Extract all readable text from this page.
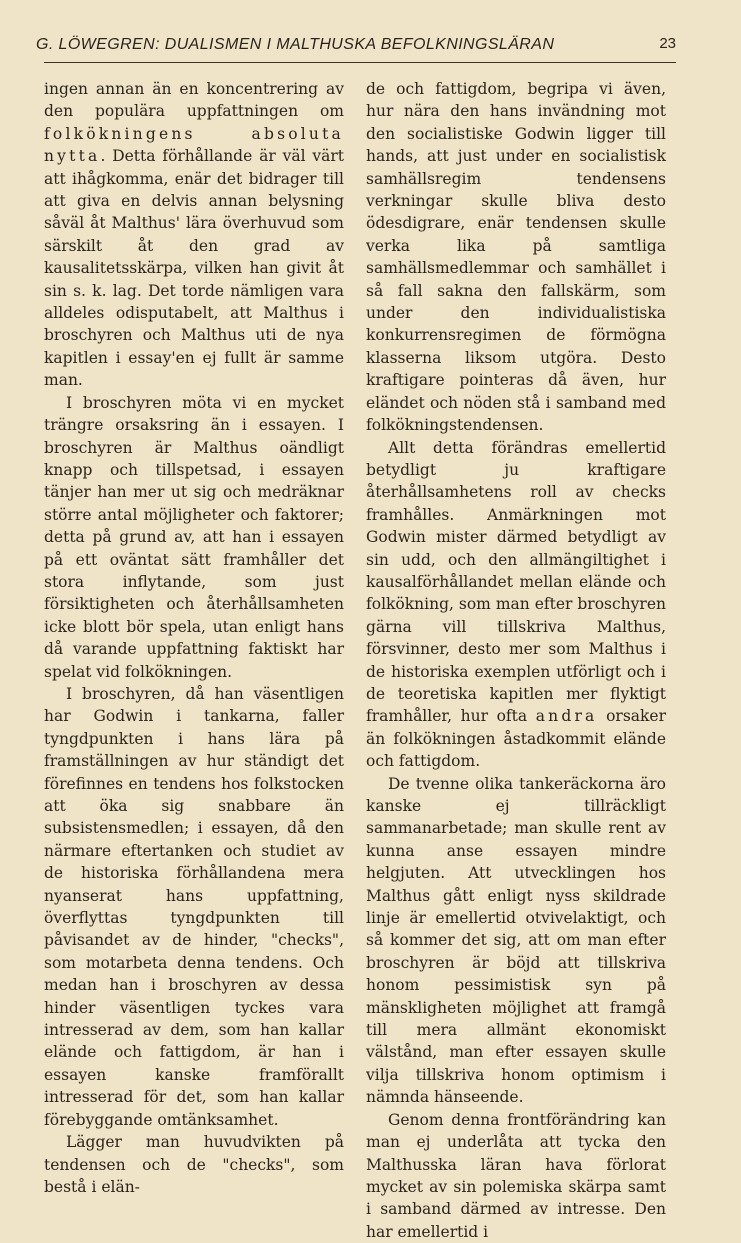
G. LÖWEGREN: DUALISMEN I MALTHUSKA BEFOLKNINGSLÄRAN	23

ingen annan än en koncentrering av den populära uppfattningen om folkökningens absoluta nytta. Detta förhållande är väl värt att ihågkomma, enär det bidrager till att giva en delvis annan belysning såväl åt Malthus' lära överhuvud som särskilt åt den grad av kausalitetsskärpa, vilken han givit åt sin s. k. lag. Det torde nämligen vara alldeles odisputabelt, att Malthus i broschyren och Malthus uti de nya kapitlen i essay'en ej fullt är samme man.

I broschyren möta vi en mycket trängre orsaksring än i essayen. I broschyren är Malthus oändligt knapp och tillspetsad, i essayen tänjer han mer ut sig och medräknar större antal möjligheter och faktorer; detta på grund av, att han i essayen på ett oväntat sätt framhåller det stora inflytande, som just försiktigheten och återhållsamheten icke blott bör spela, utan enligt hans då varande uppfattning faktiskt har spelat vid folkökningen.

I broschyren, då han väsentligen har Godwin i tankarna, faller tyngdpunkten i hans lära på framställningen av hur ständigt det förefinnes en tendens hos folkstocken att öka sig snabbare än subsistensmedlen; i essayen, då den närmare eftertanken och studiet av de historiska förhållandena mera nyanserat hans uppfattning, överflyttas tyngdpunkten till påvisandet av de hinder, "checks", som motarbeta denna tendens. Och medan han i broschyren av dessa hinder väsentligen tyckes vara intresserad av dem, som han kallar elände och fattigdom, är han i essayen kanske framförallt intresserad för det, som han kallar förebyggande omtänksamhet.

Lägger man huvudvikten på tendensen och de "checks", som bestå i elän-

de och fattigdom, begripa vi även, hur nära den hans invändning mot den socialistiske Godwin ligger till hands, att just under en socialistisk samhällsregim tendensens verkningar skulle bliva desto ödesdigrare, enär tendensen skulle verka lika på samtliga samhällsmedlemmar och samhället i så fall sakna den fallskärm, som under den individualistiska konkurrensregimen de förmögna klasserna liksom utgöra. Desto kraftigare pointeras då även, hur eländet och nöden stå i samband med folkökningstendensen.

Allt detta förändras emellertid betydligt ju kraftigare återhållsamhetens roll av checks framhålles. Anmärkningen mot Godwin mister därmed betydligt av sin udd, och den allmängiltighet i kausalförhållandet mellan elände och folkökning, som man efter broschyren gärna vill tillskriva Malthus, försvinner, desto mer som Malthus i de historiska exemplen utförligt och i de teoretiska kapitlen mer flyktigt framhåller, hur ofta andra orsaker än folkökningen åstadkommit elände och fattigdom.

De tvenne olika tankeräckorna äro kanske ej tillräckligt sammanarbetade; man skulle rent av kunna anse essayen mindre helgjuten. Att utvecklingen hos Malthus gått enligt nyss skildrade linje är emellertid otvivelaktigt, och så kommer det sig, att om man efter broschyren är böjd att tillskriva honom pessimistisk syn på mänskligheten möjlighet att framgå till mera allmänt ekonomiskt välstånd, man efter essayen skulle vilja tillskriva honom optimism i nämnda hänseende.

Genom denna frontförändring kan man ej underlåta att tycka den Malthusska läran hava förlorat mycket av sin polemiska skärpa samt i samband därmed av intresse. Den har emellertid i
